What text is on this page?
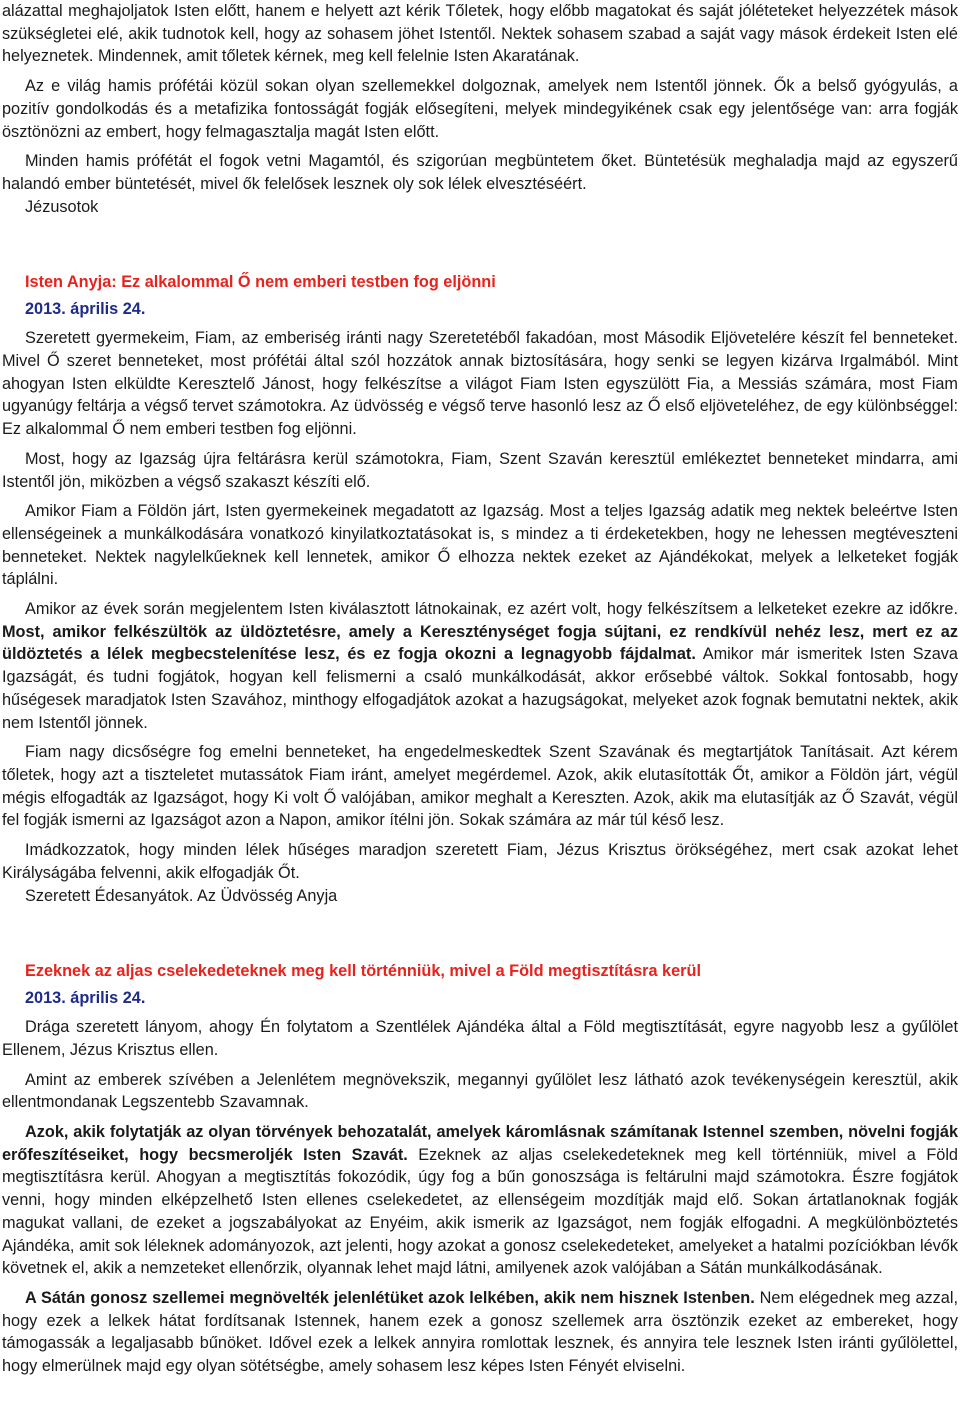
alázattal meghajoljatok Isten előtt, hanem e helyett azt kérik Tőletek, hogy előbb magatokat és saját jóléteteket helyezzétek mások szükségletei elé, akik tudnotok kell, hogy az sohasem jöhet Istentől. Nektek sohasem szabad a saját vagy mások érdekeit Isten elé helyeznetek. Mindennek, amit tőletek kérnek, meg kell felelnie Isten Akaratának.

Az e világ hamis prófétái közül sokan olyan szellemekkel dolgoznak, amelyek nem Istentől jönnek. Ők a belső gyógyulás, a pozitív gondolkodás és a metafizika fontosságát fogják elősegíteni, melyek mindegyikének csak egy jelentősége van: arra fogják ösztönözni az embert, hogy felmagasztalja magát Isten előtt.

Minden hamis prófétát el fogok vetni Magamtól, és szigorúan megbüntetem őket. Büntetésük meghaladja majd az egyszerű halandó ember büntetését, mivel ők felelősek lesznek oly sok lélek elvesztéséért.

Jézusotok

Isten Anyja: Ez alkalommal Ő nem emberi testben fog eljönni

2013. április 24.

Szeretett gyermekeim, Fiam, az emberiség iránti nagy Szeretetéből fakadóan, most Második Eljövetelére készít fel benneteket. Mivel Ő szeret benneteket, most prófétái által szól hozzátok annak biztosítására, hogy senki se legyen kizárva Irgalmából. Mint ahogyan Isten elküldte Keresztelő Jánost, hogy felkészítse a világot Fiam Isten egyszülött Fia, a Messiás számára, most Fiam ugyanúgy feltárja a végső tervet számotokra. Az üdvösség e végső terve hasonló lesz az Ő első eljöveteléhez, de egy különbséggel: Ez alkalommal Ő nem emberi testben fog eljönni.

Most, hogy az Igazság újra feltárásra kerül számotokra, Fiam, Szent Szaván keresztül emlékeztet benneteket mindarra, ami Istentől jön, miközben a végső szakaszt készíti elő.

Amikor Fiam a Földön járt, Isten gyermekeinek megadatott az Igazság. Most a teljes Igazság adatik meg nektek beleértve Isten ellenségeinek a munkálkodására vonatkozó kinyilatkoztatásokat is, s mindez a ti érdeketekben, hogy ne lehessen megtéveszteni benneteket. Nektek nagylelkűeknek kell lennetek, amikor Ő elhozza nektek ezeket az Ajándékokat, melyek a lelketeket fogják táplálni.

Amikor az évek során megjelentem Isten kiválasztott látnokainak, ez azért volt, hogy felkészítsem a lelketeket ezekre az időkre. Most, amikor felkészültök az üldöztetésre, amely a Kereszténységet fogja sújtani, ez rendkívül nehéz lesz, mert ez az üldöztetés a lélek megbecstelenítése lesz, és ez fogja okozni a legnagyobb fájdalmat. Amikor már ismeritek Isten Szava Igazságát, és tudni fogjátok, hogyan kell felismerni a csaló munkálkodását, akkor erősebbé váltok. Sokkal fontosabb, hogy hűségesek maradjatok Isten Szavához, minthogy elfogadjátok azokat a hazugságokat, melyeket azok fognak bemutatni nektek, akik nem Istentől jönnek.

Fiam nagy dicsőségre fog emelni benneteket, ha engedelmeskedtek Szent Szavának és megtartjátok Tanításait. Azt kérem tőletek, hogy azt a tiszteletet mutassátok Fiam iránt, amelyet megérdemel. Azok, akik elutasították Őt, amikor a Földön járt, végül mégis elfogadták az Igazságot, hogy Ki volt Ő valójában, amikor meghalt a Kereszten. Azok, akik ma elutasítják az Ő Szavát, végül fel fogják ismerni az Igazságot azon a Napon, amikor ítélni jön. Sokak számára az már túl késő lesz.

Imádkozzatok, hogy minden lélek hűséges maradjon szeretett Fiam, Jézus Krisztus örökségéhez, mert csak azokat lehet Királyságába felvenni, akik elfogadják Őt.

Szeretett Édesanyátok. Az Üdvösség Anyja

Ezeknek az aljas cselekedeteknek meg kell történniük, mivel a Föld megtisztításra kerül

2013. április 24.

Drága szeretett lányom, ahogy Én folytatom a Szentlélek Ajándéka által a Föld megtisztítását, egyre nagyobb lesz a gyűlölet Ellenem, Jézus Krisztus ellen.

Amint az emberek szívében a Jelenlétem megnövekszik, megannyi gyűlölet lesz látható azok tevékenységein keresztül, akik ellentmondanak Legszentebb Szavamnak.

Azok, akik folytatják az olyan törvények behozatalát, amelyek káromlásnak számítanak Istennel szemben, növelni fogják erőfeszítéseiket, hogy becsmeroljék Isten Szavát. Ezeknek az aljas cselekedeteknek meg kell történniük, mivel a Föld megtisztításra kerül. Ahogyan a megtisztítás fokozódik, úgy fog a bűn gonoszsága is feltárulni majd számotokra. Észre fogjátok venni, hogy minden elképzelhető Isten ellenes cselekedetet, az ellenségeim mozdítják majd elő. Sokan ártatlanoknak fogják magukat vallani, de ezeket a jogszabályokat az Enyéim, akik ismerik az Igazságot, nem fogják elfogadni. A megkülönböztetés Ajándéka, amit sok léleknek adományozok, azt jelenti, hogy azokat a gonosz cselekedeteket, amelyeket a hatalmi pozíciókban lévők követnek el, akik a nemzeteket ellenőrzik, olyannak lehet majd látni, amilyenek azok valójában a Sátán munkálkodásának.

A Sátán gonosz szellemei megnövelték jelenlétüket azok lelkében, akik nem hisznek Istenben. Nem elégednek meg azzal, hogy ezek a lelkek hátat fordítsanak Istennek, hanem ezek a gonosz szellemek arra ösztönzik ezeket az embereket, hogy támogassák a legaljasabb bűnöket. Idővel ezek a lelkek annyira romlottak lesznek, és annyira tele lesznek Isten iránti gyűlölettel, hogy elmerülnek majd egy olyan sötétségbe, amely sohasem lesz képes Isten Fényét elviselni.
